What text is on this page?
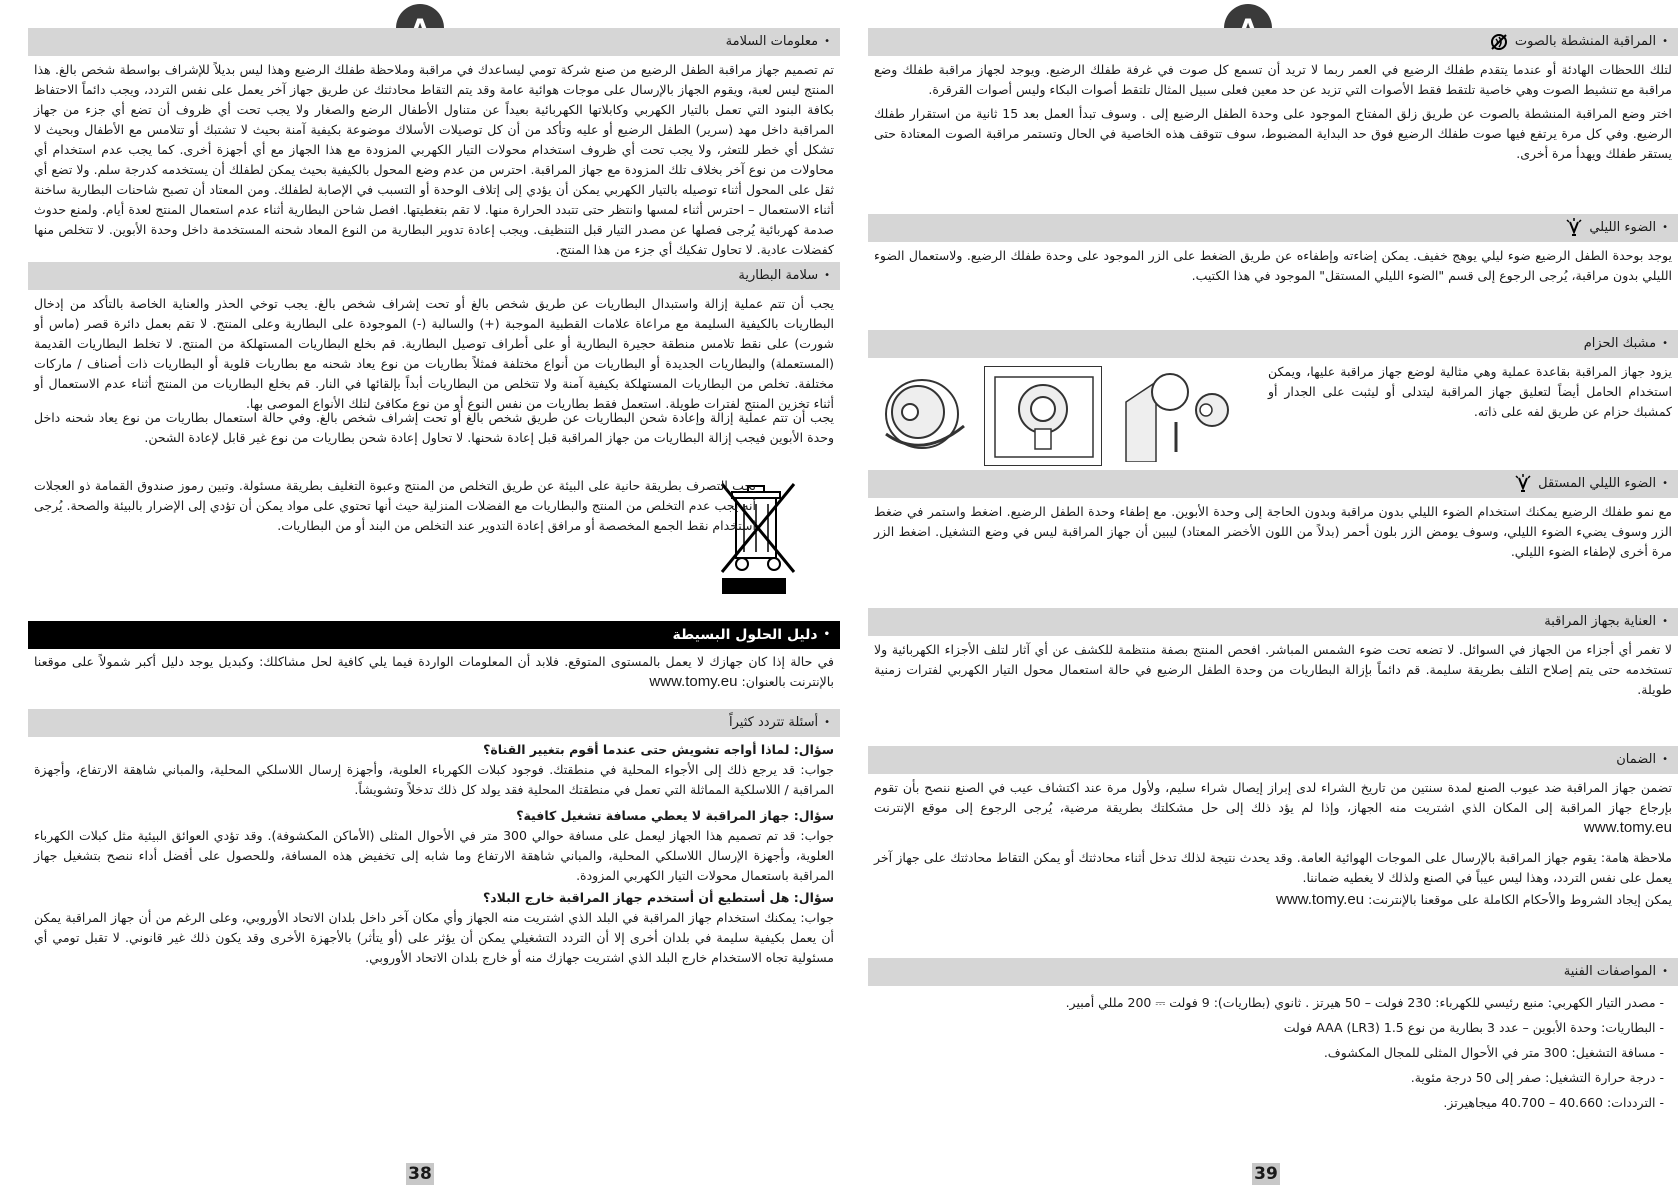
•
معلومات السلامة
تم تصميم جهاز مراقبة الطفل الرضيع من صنع شركة تومي ليساعدك في مراقبة وملاحظة طفلك الرضيع وهذا ليس بديلاً للإشراف بواسطة شخص بالغ. هذا المنتج ليس لعبة، ويقوم الجهاز بالإرسال على موجات هوائية عامة وقد يتم التقاط محادثتك عن طريق جهاز آخر يعمل على نفس التردد، ويجب دائماً الاحتفاظ بكافة البنود التي تعمل بالتيار الكهربي وكابلاتها الكهربائية بعيداً عن متناول الأطفال الرضع والصغار ولا يجب تحت أي ظروف أن تضع أي جزء من جهاز المراقبة داخل مهد (سرير) الطفل الرضيع أو عليه وتأكد من أن كل توصيلات الأسلاك موضوعة بكيفية آمنة بحيث لا تشتبك أو تتلامس مع الأطفال وبحيث لا تشكل أي خطر للتعثر، ولا يجب تحت أي ظروف استخدام محولات التيار الكهربي المزودة مع هذا الجهاز مع أي أجهزة أخرى. كما يجب عدم استخدام أي محاولات من نوع آخر بخلاف تلك المزودة مع جهاز المراقبة. احترس من عدم وضع المحول بالكيفية بحيث يمكن لطفلك أن يستخدمه كدرجة سلم. ولا تضع أي ثقل على المحول أثناء توصيله بالتيار الكهربي يمكن أن يؤدي إلى إتلاف الوحدة أو التسبب في الإصابة لطفلك. ومن المعتاد أن تصبح شاحنات البطارية ساخنة أثناء الاستعمال – احترس أثناء لمسها وانتظر حتى تتبدد الحرارة منها. لا تقم بتغطيتها. افصل شاحن البطارية أثناء عدم استعمال المنتج لعدة أيام. ولمنع حدوث صدمة كهربائية يُرجى فصلها عن مصدر التيار قبل التنظيف. ويجب إعادة تدوير البطارية من النوع المعاد شحنه المستخدمة داخل وحدة الأبوين. لا تتخلص منها كفضلات عادية. لا تحاول تفكيك أي جزء من هذا المنتج.
•
سلامة البطارية
يجب أن تتم عملية إزالة واستبدال البطاريات عن طريق شخص بالغ أو تحت إشراف شخص بالغ. يجب توخي الحذر والعناية الخاصة بالتأكد من إدخال البطاريات بالكيفية السليمة مع مراعاة علامات القطبية الموجبة (+) والسالبة (-) الموجودة على البطارية وعلى المنتج. لا تقم بعمل دائرة قصر (ماس أو شورت) على نقط تلامس منطقة حجيرة البطارية أو على أطراف توصيل البطارية. قم بخلع البطاريات المستهلكة من المنتج. لا تخلط البطاريات القديمة (المستعملة) والبطاريات الجديدة أو البطاريات من أنواع مختلفة فمثلاً بطاريات من نوع يعاد شحنه مع بطاريات قلوية أو البطاريات ذات أصناف / ماركات مختلفة. تخلص من البطاريات المستهلكة بكيفية آمنة ولا تتخلص من البطاريات أبداً بإلقائها في النار. قم بخلع البطاريات من المنتج أثناء عدم الاستعمال أو أثناء تخزين المنتج لفترات طويلة. استعمل فقط بطاريات من نفس النوع أو من نوع مكافئ لتلك الأنواع الموصى بها.
يجب أن تتم عملية إزالة وإعادة شحن البطاريات عن طريق شخص بالغ أو تحت إشراف شخص بالغ. وفي حالة استعمال بطاريات من نوع يعاد شحنه داخل وحدة الأبوين فيجب إزالة البطاريات من جهاز المراقبة قبل إعادة شحنها. لا تحاول إعادة شحن بطاريات من نوع غير قابل لإعادة الشحن.
يجب التصرف بطريقة حانية على البيئة عن طريق التخلص من المنتج وعبوة التغليف بطريقة مسئولة. وتبين رموز صندوق القمامة ذو العجلات أنه يجب عدم التخلص من المنتج والبطاريات مع الفضلات المنزلية حيث أنها تحتوي على مواد يمكن أن تؤدي إلى الإضرار بالبيئة والصحة. يُرجى استخدام نقط الجمع المخصصة أو مرافق إعادة التدوير عند التخلص من البند أو من البطاريات.
•
دليل الحلول البسيطة
في حالة إذا كان جهازك لا يعمل بالمستوى المتوقع. فلابد أن المعلومات الواردة فيما يلي كافية لحل مشاكلك: وكبديل يوجد دليل أكبر شمولاً على موقعنا بالإنترنت بالعنوان: www.tomy.eu
•
أسئلة تتردد كثيراً
سؤال: لماذا أواجه تشويش حتى عندما أقوم بتغيير القناة؟
جواب: قد يرجع ذلك إلى الأجواء المحلية في منطقتك. فوجود كبلات الكهرباء العلوية، وأجهزة إرسال اللاسلكي المحلية، والمباني شاهقة الارتفاع، وأجهزة المراقبة / اللاسلكية المماثلة التي تعمل في منطقتك المحلية فقد يولد كل ذلك تدخلاً وتشويشاً.
سؤال: جهاز المراقبة لا يعطي مسافة تشغيل كافية؟
جواب: قد تم تصميم هذا الجهاز ليعمل على مسافة حوالي 300 متر في الأحوال المثلى (الأماكن المكشوفة). وقد تؤدي العوائق البيئية مثل كبلات الكهرباء العلوية، وأجهزة الإرسال اللاسلكي المحلية، والمباني شاهقة الارتفاع وما شابه إلى تخفيض هذه المسافة، وللحصول على أفضل أداء ننصح بتشغيل جهاز المراقبة باستعمال محولات التيار الكهربي المزودة.
سؤال: هل أستطيع أن أستخدم جهاز المراقبة خارج البلاد؟
جواب: يمكنك استخدام جهاز المراقبة في البلد الذي اشتريت منه الجهاز وأي مكان آخر داخل بلدان الاتحاد الأوروبي، وعلى الرغم من أن جهاز المراقبة يمكن أن يعمل بكيفية سليمة في بلدان أخرى إلا أن التردد التشغيلي يمكن أن يؤثر على (أو يتأثر) بالأجهزة الأخرى وقد يكون ذلك غير قانوني. لا تقبل تومي أي مسئولية تجاه الاستخدام خارج البلد الذي اشتريت جهازك منه أو خارج بلدان الاتحاد الأوروبي.
38
•
المراقبة المنشطة بالصوت
لتلك اللحظات الهادئة أو عندما يتقدم طفلك الرضيع في العمر ربما لا تريد أن تسمع كل صوت في غرفة طفلك الرضيع. ويوجد لجهاز مراقبة طفلك وضع مراقبة مع تنشيط الصوت وهي خاصية تلتقط فقط الأصوات التي تزيد عن حد معين فعلى سبيل المثال تلتقط أصوات البكاء وليس أصوات القرقرة.
اختر وضع المراقبة المنشطة بالصوت عن طريق زلق المفتاح الموجود على وحدة الطفل الرضيع إلى . وسوف تبدأ العمل بعد 15 ثانية من استقرار طفلك الرضيع. وفي كل مرة يرتفع فيها صوت طفلك الرضيع فوق حد البداية المضبوط، سوف تتوقف هذه الخاصية في الحال وتستمر مراقبة الصوت المعتادة حتى يستقر طفلك ويهدأ مرة أخرى.
•
الضوء الليلي
يوجد بوحدة الطفل الرضيع ضوء ليلي يوهج خفيف. يمكن إضاءته وإطفاءه عن طريق الضغط على الزر الموجود على وحدة طفلك الرضيع. ولاستعمال الضوء الليلي بدون مراقبة، يُرجى الرجوع إلى قسم "الضوء الليلي المستقل" الموجود في هذا الكتيب.
•
مشبك الحزام
يزود جهاز المراقبة بقاعدة عملية وهي مثالية لوضع جهاز مراقبة عليها، ويمكن استخدام الحامل أيضاً لتعليق جهاز المراقبة ليتدلى أو ليثبت على الجدار أو كمشبك حزام عن طريق لفه على ذاته.
•
الضوء الليلي المستقل
مع نمو طفلك الرضيع يمكنك استخدام الضوء الليلي بدون مراقبة وبدون الحاجة إلى وحدة الأبوين. مع إطفاء وحدة الطفل الرضيع. اضغط واستمر في ضغط الزر وسوف يضيء الضوء الليلي، وسوف يومض الزر بلون أحمر (بدلاً من اللون الأخضر المعتاد) ليبين أن جهاز المراقبة ليس في وضع التشغيل. اضغط الزر مرة أخرى لإطفاء الضوء الليلي.
•
العناية بجهاز المراقبة
لا تغمر أي أجزاء من الجهاز في السوائل. لا تضعه تحت ضوء الشمس المباشر. افحص المنتج بصفة منتظمة للكشف عن أي آثار لتلف الأجزاء الكهربائية ولا تستخدمه حتى يتم إصلاح التلف بطريقة سليمة. قم دائماً بإزالة البطاريات من وحدة الطفل الرضيع في حالة استعمال محول التيار الكهربي لفترات زمنية طويلة.
•
الضمان
تضمن جهاز المراقبة ضد عيوب الصنع لمدة سنتين من تاريخ الشراء لدى إبراز إيصال شراء سليم، ولأول مرة عند اكتشاف عيب في الصنع ننصح بأن تقوم بإرجاع جهاز المراقبة إلى المكان الذي اشتريت منه الجهاز، وإذا لم يؤد ذلك إلى حل مشكلتك بطريقة مرضية، يُرجى الرجوع إلى موقع الإنترنت www.tomy.eu
ملاحظة هامة: يقوم جهاز المراقبة بالإرسال على الموجات الهوائية العامة. وقد يحدث نتيجة لذلك تدخل أثناء محادثتك أو يمكن التقاط محادثتك على جهاز آخر يعمل على نفس التردد، وهذا ليس عيباً في الصنع ولذلك لا يغطيه ضماننا.
يمكن إيجاد الشروط والأحكام الكاملة على موقعنا بالإنترنت: www.tomy.eu
•
المواصفات الفنية
- مصدر التيار الكهربي: منبع رئيسي للكهرباء: 230 فولت – 50 هيرتز . ثانوي (بطاريات): 9 فولت ⎓ 200 مللي أمبير.
- البطاريات: وحدة الأبوين – عدد 3 بطارية من نوع 1.5 AAA (LR3) فولت
- مسافة التشغيل: 300 متر في الأحوال المثلى للمجال المكشوف.
- درجة حرارة التشغيل: صفر إلى 50 درجة مئوية.
- الترددات: 40.660 – 40.700 ميجاهيرتز.
39
